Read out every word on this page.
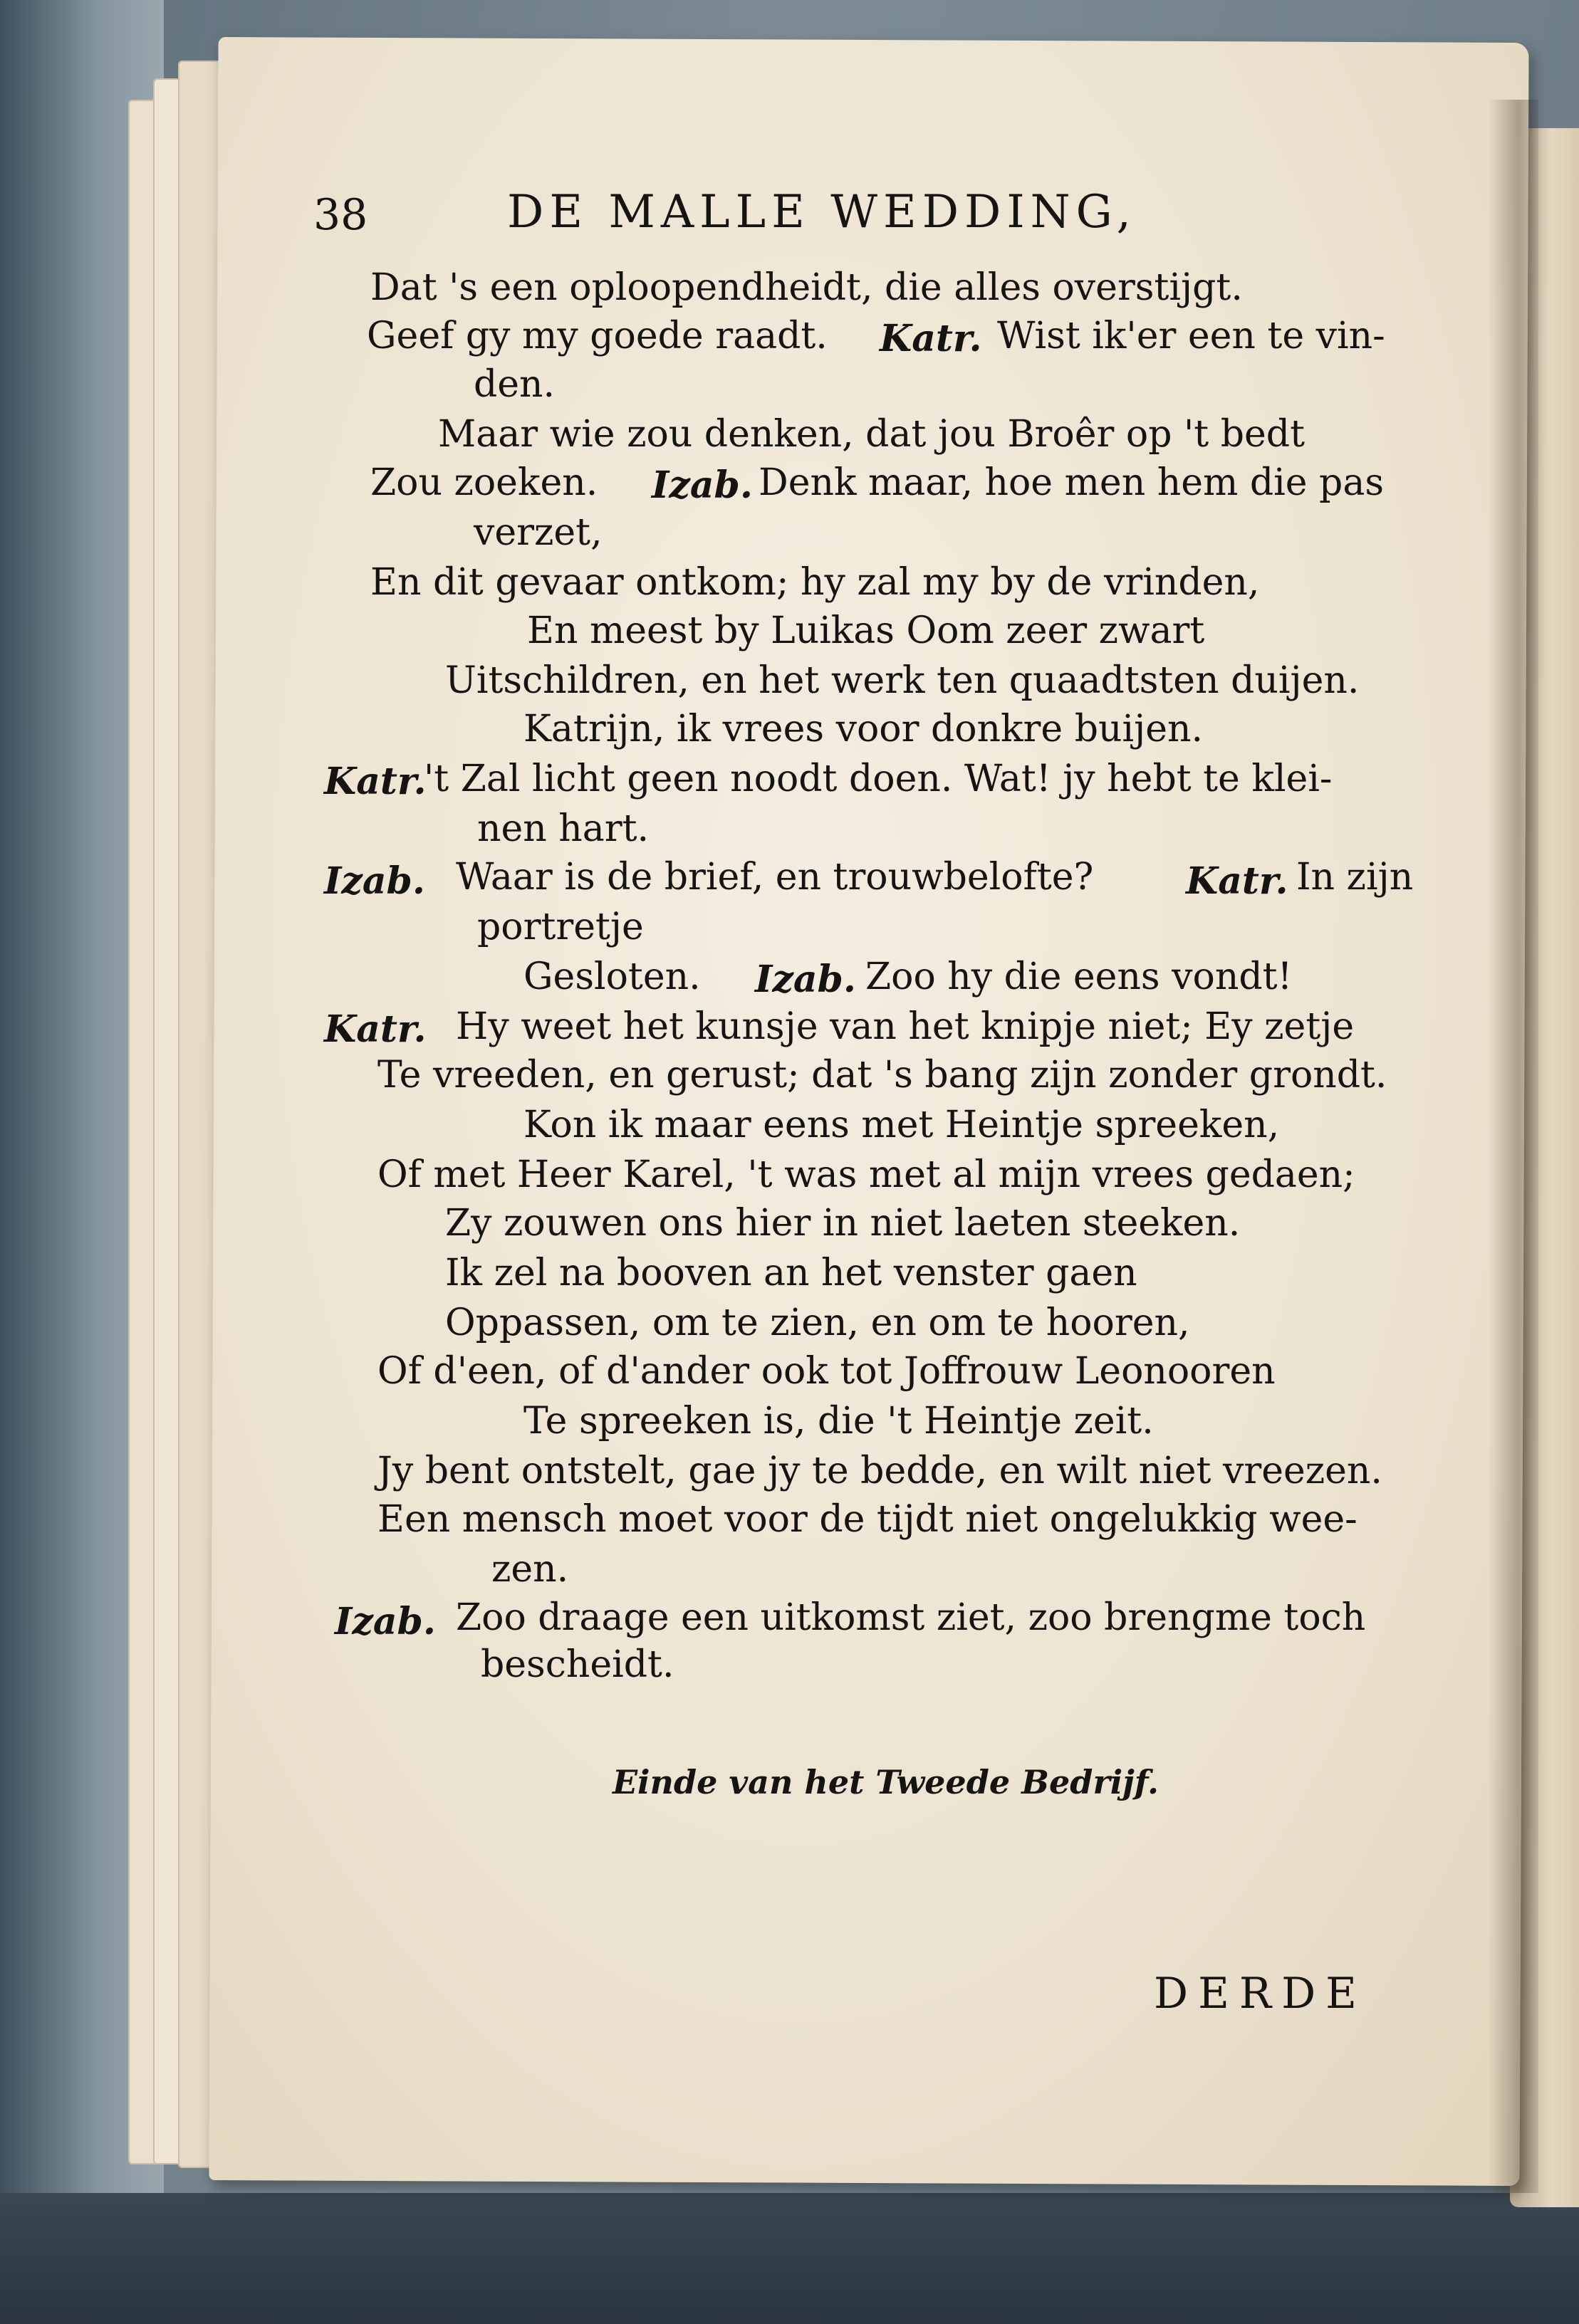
38	DE MALLE WEDDING,
Dat 's een oploopendheidt, die alles overstijgt.
Geef gy my goede raadt. Katr. Wist ik'er een te vin-
den.
Maar wie zou denken, dat jou Broêr op 't bedt
Zou zoeken. Izab. Denk maar, hoe men hem die pas
verzet,
En dit gevaar ontkom; hy zal my by de vrinden,
En meest by Luikas Oom zeer zwart
Uitschildren, en het werk ten quaadtsten duijen.
Katrijn, ik vrees voor donkre buijen.
Katr.
't Zal licht geen noodt doen. Wat! jy hebt te klei-
nen hart.
Izab. Waar is de brief, en trouwbelofte? Katr. In zijn
portretje
Gesloten. Izab. Zoo hy die eens vondt!
Katr. Hy weet het kunsje van het knipje niet; Ey zetje
Te vreeden, en gerust; dat 's bang zijn zonder grondt.
Kon ik maar eens met Heintje spreeken,
Of met Heer Karel, 't was met al mijn vrees gedaen;
Zy zouwen ons hier in niet laeten steeken.
Ik zel na booven an het venster gaen
Oppassen, om te zien, en om te hooren,
Of d'een, of d'ander ook tot Joffrouw Leonooren
Te spreeken is, die 't Heintje zeit.
Jy bent ontstelt, gae jy te bedde, en wilt niet vreezen.
Een mensch moet voor de tijdt niet ongelukkig wee-
zen.
Izab. Zoo draage een uitkomst ziet, zoo brengme toch
bescheidt.
Einde van het Tweede Bedrijf.
DERDE
